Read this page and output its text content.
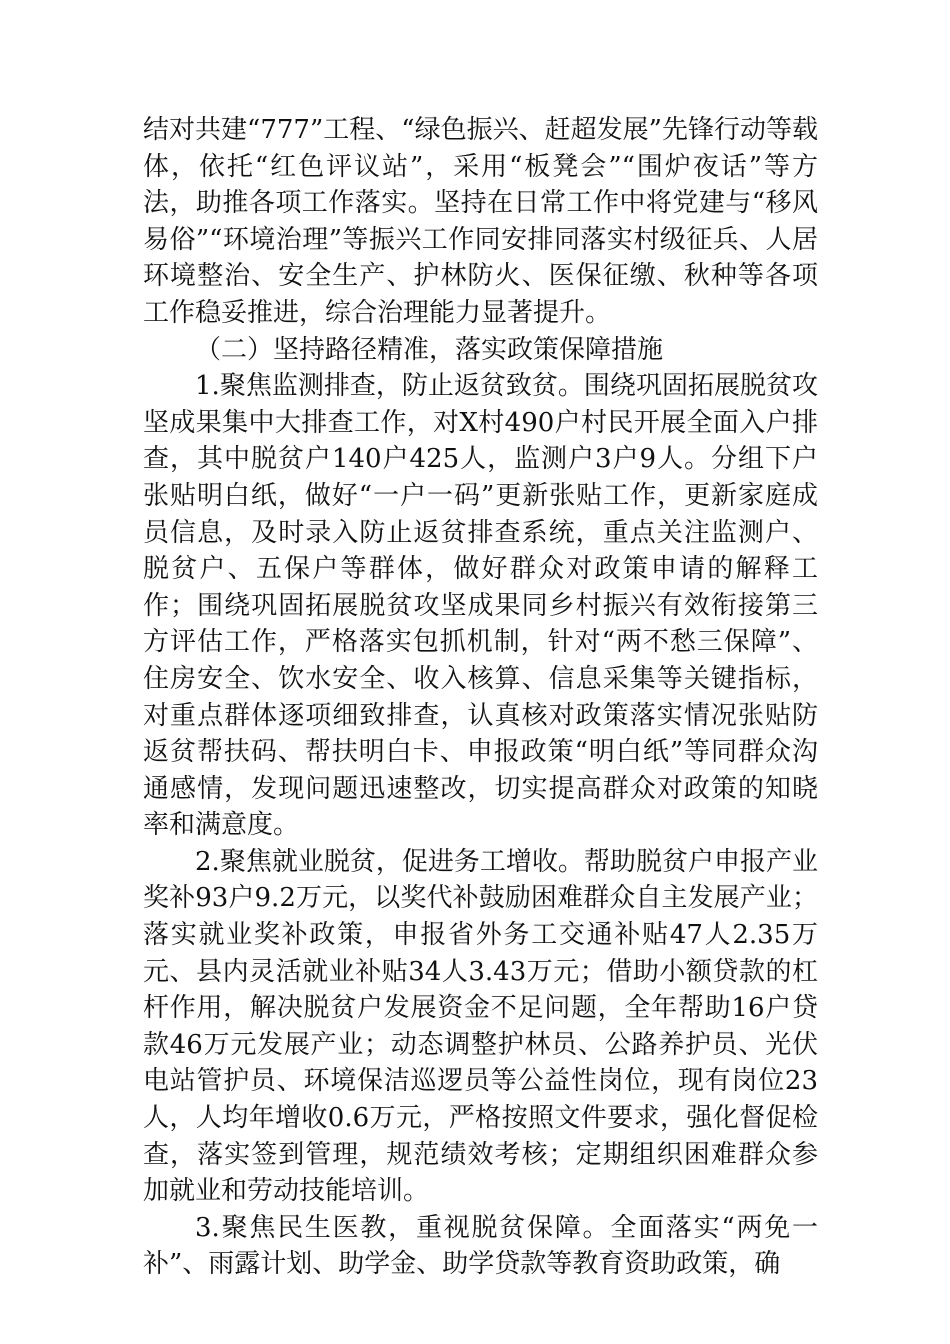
结对共建“777”工程、“绿色振兴、赶超发展”先锋行动等载体，依托“红色评议站”，采用“板凳会”“围炉夜话”等方法，助推各项工作落实。坚持在日常工作中将党建与“移风易俗”“环境治理”等振兴工作同安排同落实村级征兵、人居环境整治、安全生产、护林防火、医保征缴、秋种等各项工作稳妥推进，综合治理能力显著提升。

（二）坚持路径精准，落实政策保障措施

1.聚焦监测排查，防止返贫致贫。围绕巩固拓展脱贫攻坚成果集中大排查工作，对X村490户村民开展全面入户排查，其中脱贫户140户425人，监测户3户9人。分组下户张贴明白纸，做好“一户一码”更新张贴工作，更新家庭成员信息，及时录入防止返贫排查系统，重点关注监测户、脱贫户、五保户等群体，做好群众对政策申请的解释工作；围绕巩固拓展脱贫攻坚成果同乡村振兴有效衔接第三方评估工作，严格落实包抓机制，针对“两不愁三保障”、住房安全、饮水安全、收入核算、信息采集等关键指标，对重点群体逐项细致排查，认真核对政策落实情况张贴防返贫帮扶码、帮扶明白卡、申报政策“明白纸”等同群众沟通感情，发现问题迅速整改，切实提高群众对政策的知晓率和满意度。

2.聚焦就业脱贫，促进务工增收。帮助脱贫户申报产业奖补93户9.2万元，以奖代补鼓励困难群众自主发展产业；落实就业奖补政策，申报省外务工交通补贴47人2.35万元、县内灵活就业补贴34人3.43万元；借助小额贷款的杠杆作用，解决脱贫户发展资金不足问题，全年帮助16户贷款46万元发展产业；动态调整护林员、公路养护员、光伏电站管护员、环境保洁巡逻员等公益性岗位，现有岗位23人，人均年增收0.6万元，严格按照文件要求，强化督促检查，落实签到管理，规范绩效考核；定期组织困难群众参加就业和劳动技能培训。

3.聚焦民生医教，重视脱贫保障。全面落实“两免一补”、雨露计划、助学金、助学贷款等教育资助政策，确
